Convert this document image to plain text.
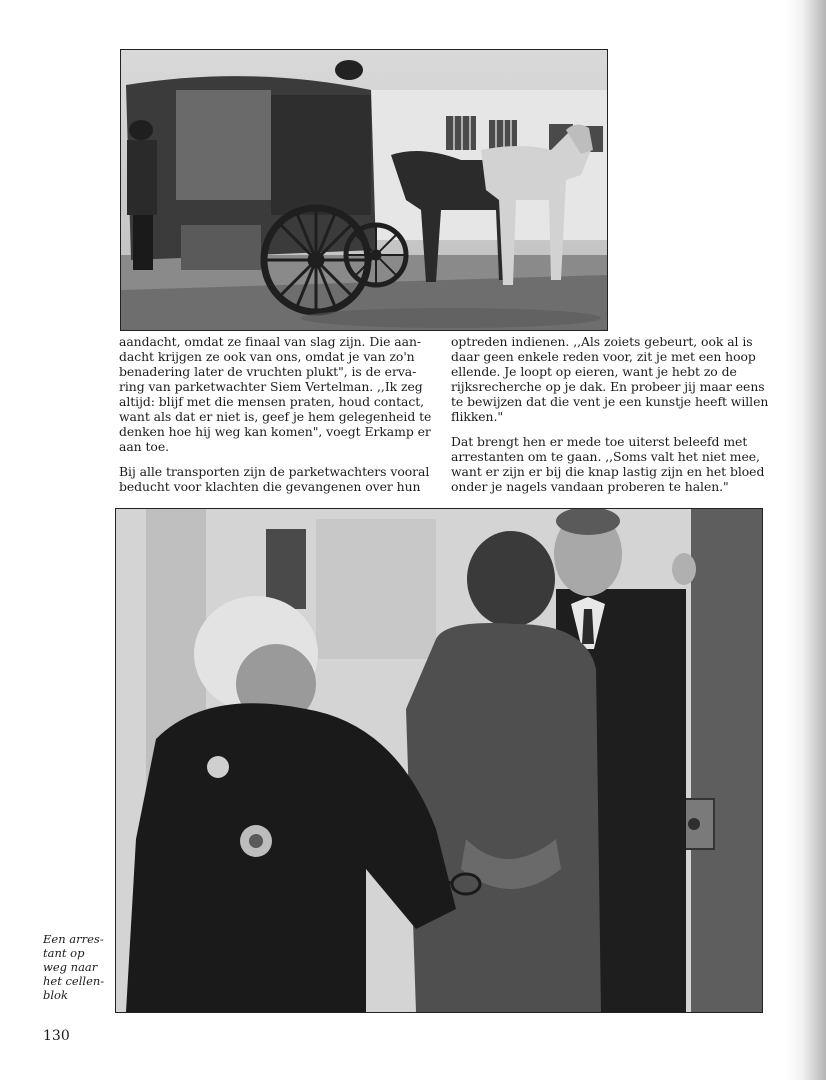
aandacht, omdat ze finaal van slag zijn. Die aan-
dacht krijgen ze ook van ons, omdat je van zo'n
benadering later de vruchten plukt", is de erva-
ring van parketwachter Siem Vertelman. ,,Ik zeg
altijd: blijf met die mensen praten, houd contact,
want als dat er niet is, geef je hem gelegenheid te
denken hoe hij weg kan komen", voegt Erkamp er
aan toe.

Bij alle transporten zijn de parketwachters vooral
beducht voor klachten die gevangenen over hun

optreden indienen. ,,Als zoiets gebeurt, ook al is
daar geen enkele reden voor, zit je met een hoop
ellende. Je loopt op eieren, want je hebt zo de
rijksrecherche op je dak. En probeer jij maar eens
te bewijzen dat die vent je een kunstje heeft willen
flikken."

Dat brengt hen er mede toe uiterst beleefd met
arrestanten om te gaan. ,,Soms valt het niet mee,
want er zijn er bij die knap lastig zijn en het bloed
onder je nagels vandaan proberen te halen."

Een arres-
tant op
weg naar
het cellen-
blok
130
